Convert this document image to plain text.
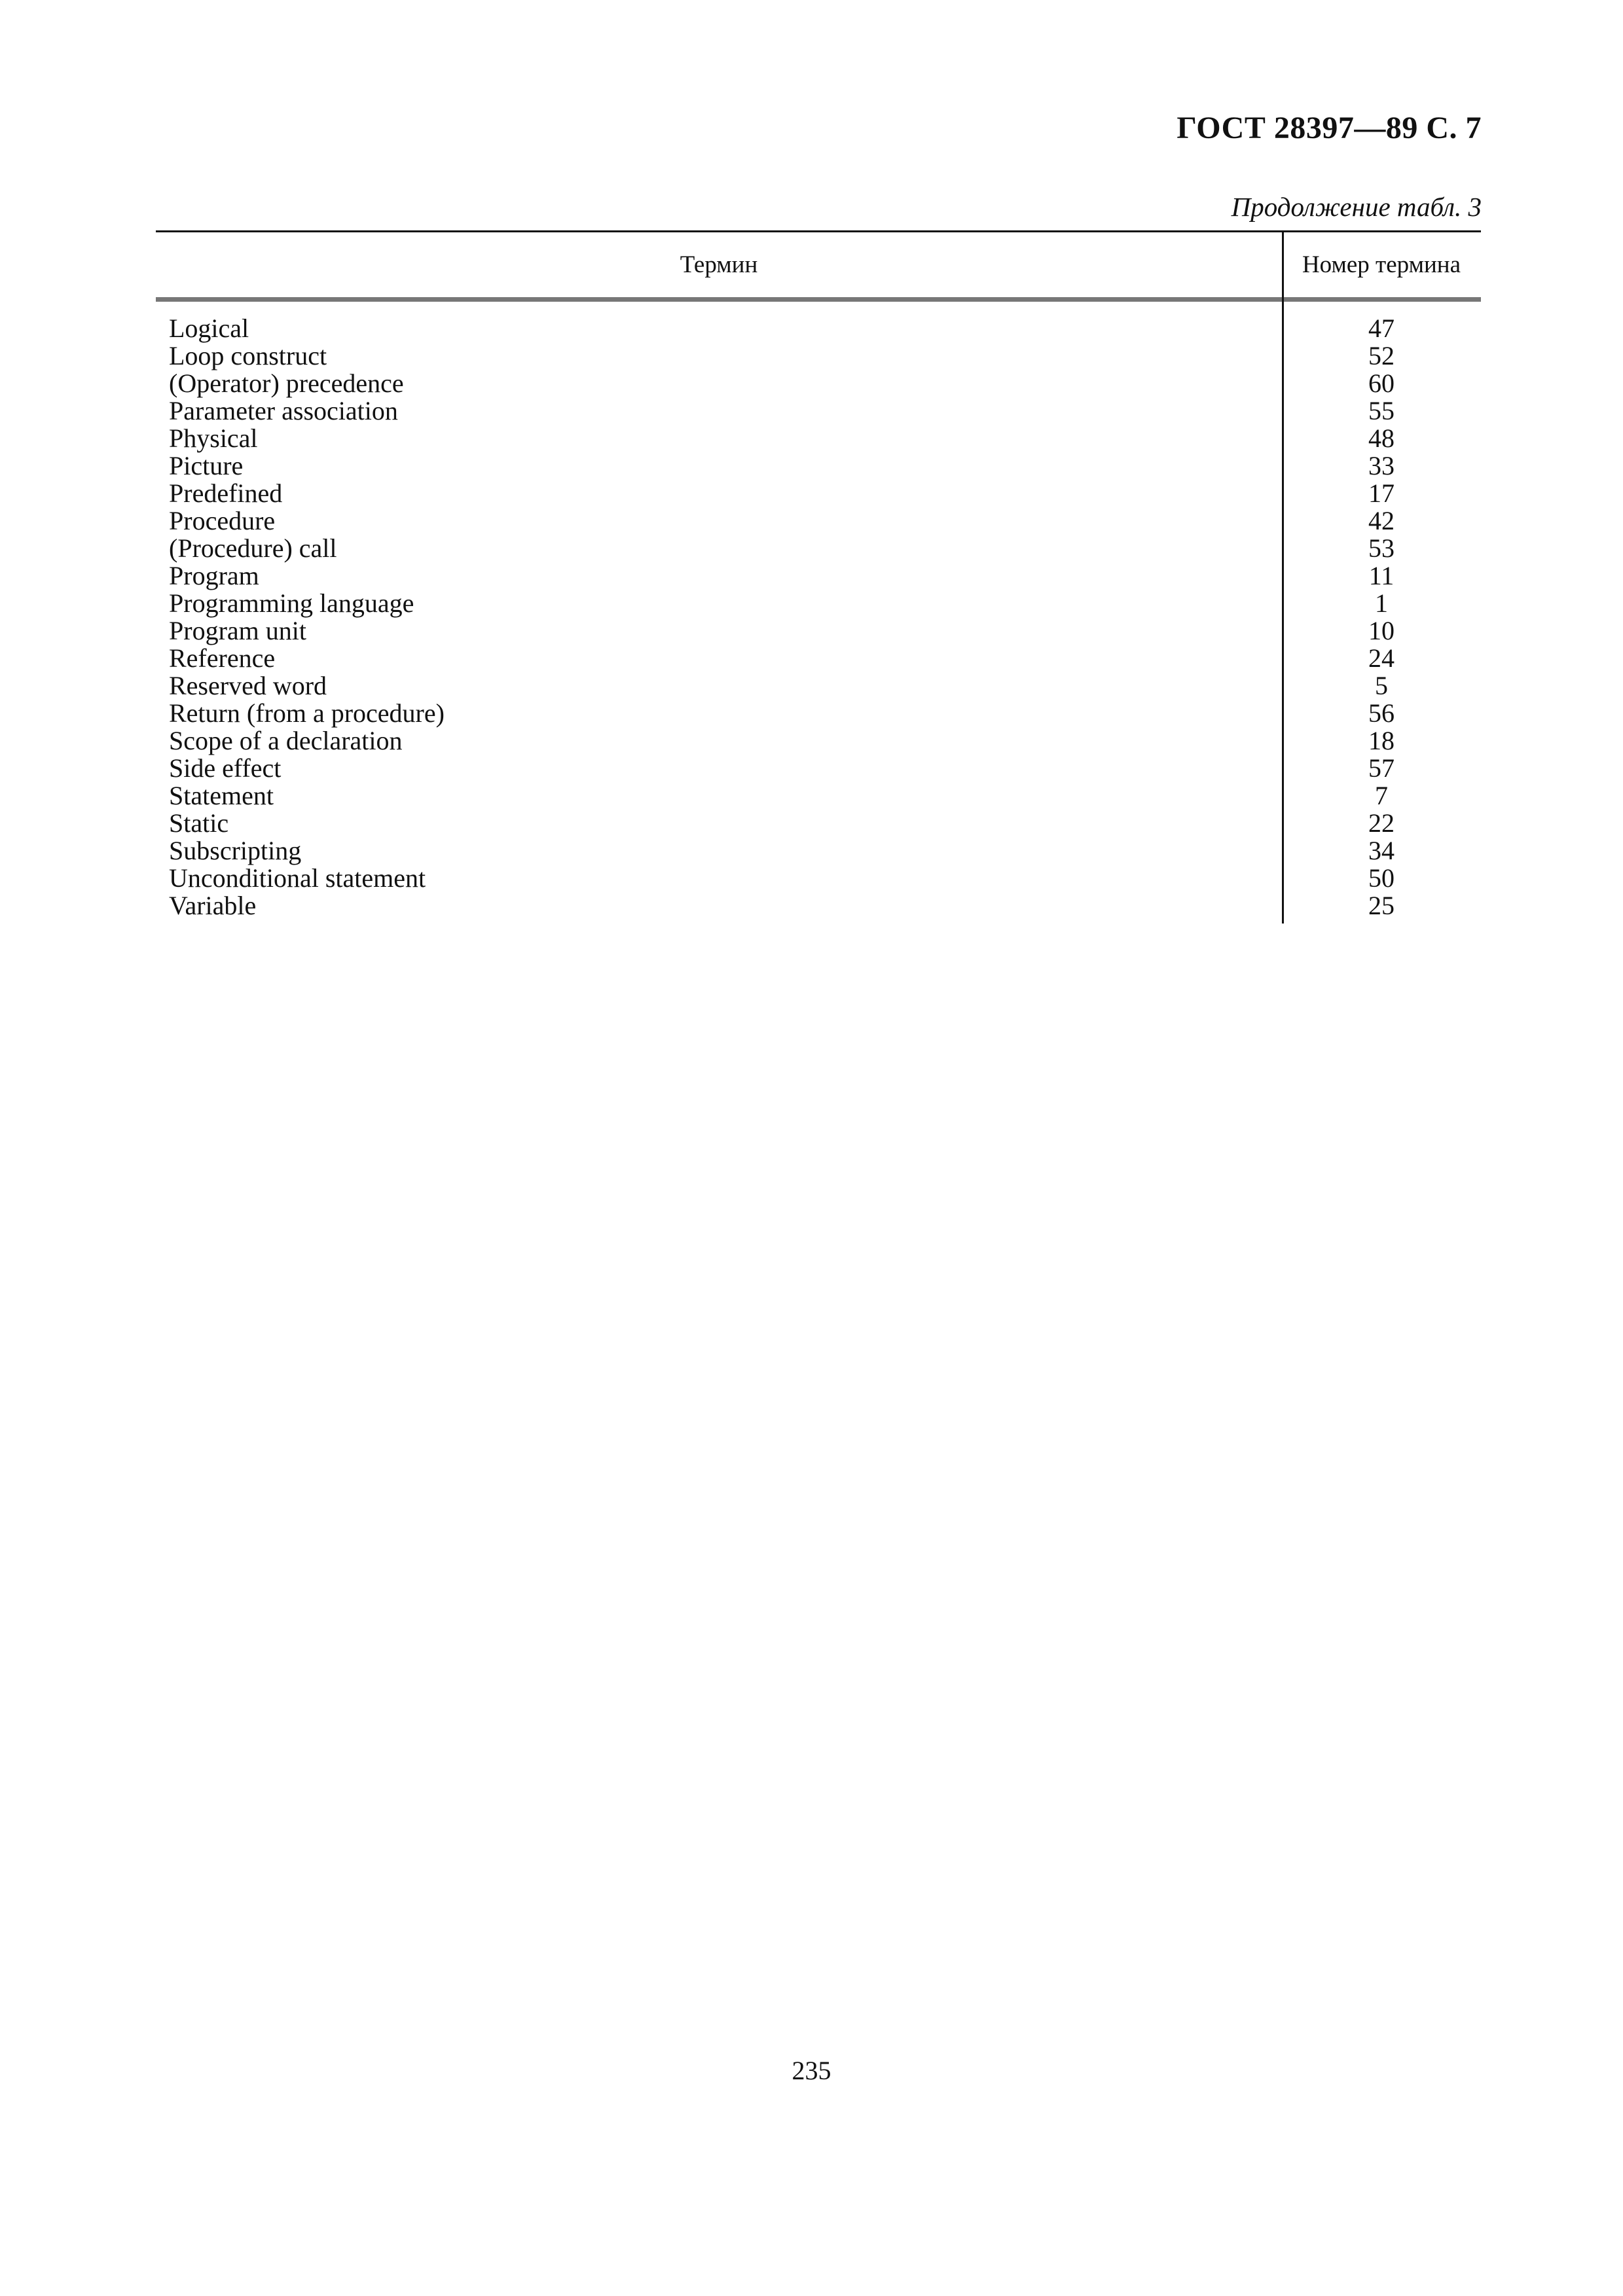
ГОСТ 28397—89 С. 7
Продолжение табл. 3
Термин	Номер термина
Logical
Loop construct
(Operator) precedence
Parameter association
Physical
Picture
Predefined
Procedure
(Procedure) call
Program
Programming language
Program unit
Reference
Reserved word
Return (from a procedure)
Scope of a declaration
Side effect
Statement
Static
Subscripting
Unconditional statement
Variable
47
52
60
55
48
33
17
42
53
11
1
10
24
5
56
18
57
7
22
34
50
25
235
